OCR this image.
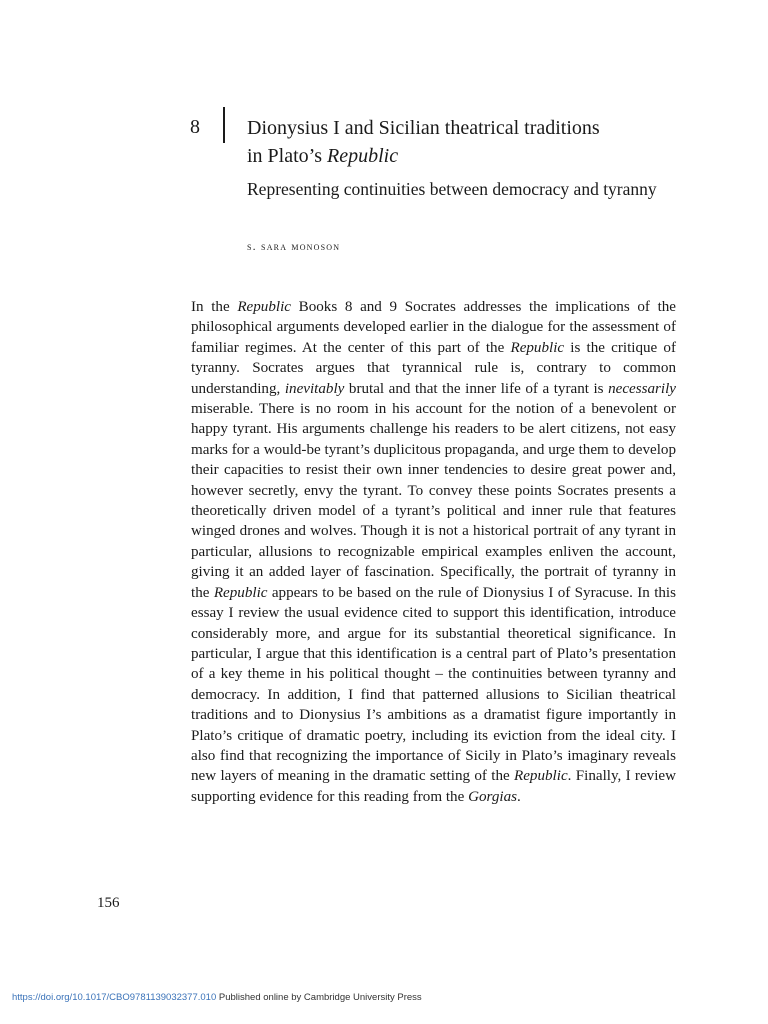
8 Dionysius I and Sicilian theatrical traditions
in Plato’s Republic
Representing continuities between democracy and tyranny
s. sara monoson

In the Republic Books 8 and 9 Socrates addresses the implications of the philosophical arguments developed earlier in the dialogue for the assessment of familiar regimes. At the center of this part of the Republic is the critique of tyranny. Socrates argues that tyrannical rule is, contrary to common understanding, inevitably brutal and that the inner life of a tyrant is necessarily miserable. There is no room in his account for the notion of a benevolent or happy tyrant. His arguments challenge his readers to be alert citizens, not easy marks for a would-be tyrant’s duplicitous propaganda, and urge them to develop their capacities to resist their own inner tendencies to desire great power and, however secretly, envy the tyrant. To convey these points Socrates presents a theoretically driven model of a tyrant’s political and inner rule that features winged drones and wolves. Though it is not a historical portrait of any tyrant in particular, allusions to recognizable empirical examples enliven the account, giving it an added layer of fascination. Specifically, the portrait of tyranny in the Republic appears to be based on the rule of Dionysius I of Syracuse. In this essay I review the usual evidence cited to support this identification, introduce considerably more, and argue for its substantial theoretical significance. In particular, I argue that this identification is a central part of Plato’s presentation of a key theme in his political thought – the continuities between tyranny and democracy. In addition, I find that patterned allusions to Sicilian theatrical traditions and to Dionysius I’s ambitions as a dramatist figure importantly in Plato’s critique of dramatic poetry, including its eviction from the ideal city. I also find that recognizing the importance of Sicily in Plato’s imaginary reveals new layers of meaning in the dramatic setting of the Republic. Finally, I review supporting evidence for this reading from the Gorgias.

156
https://doi.org/10.1017/CBO9781139032377.010 Published online by Cambridge University Press
